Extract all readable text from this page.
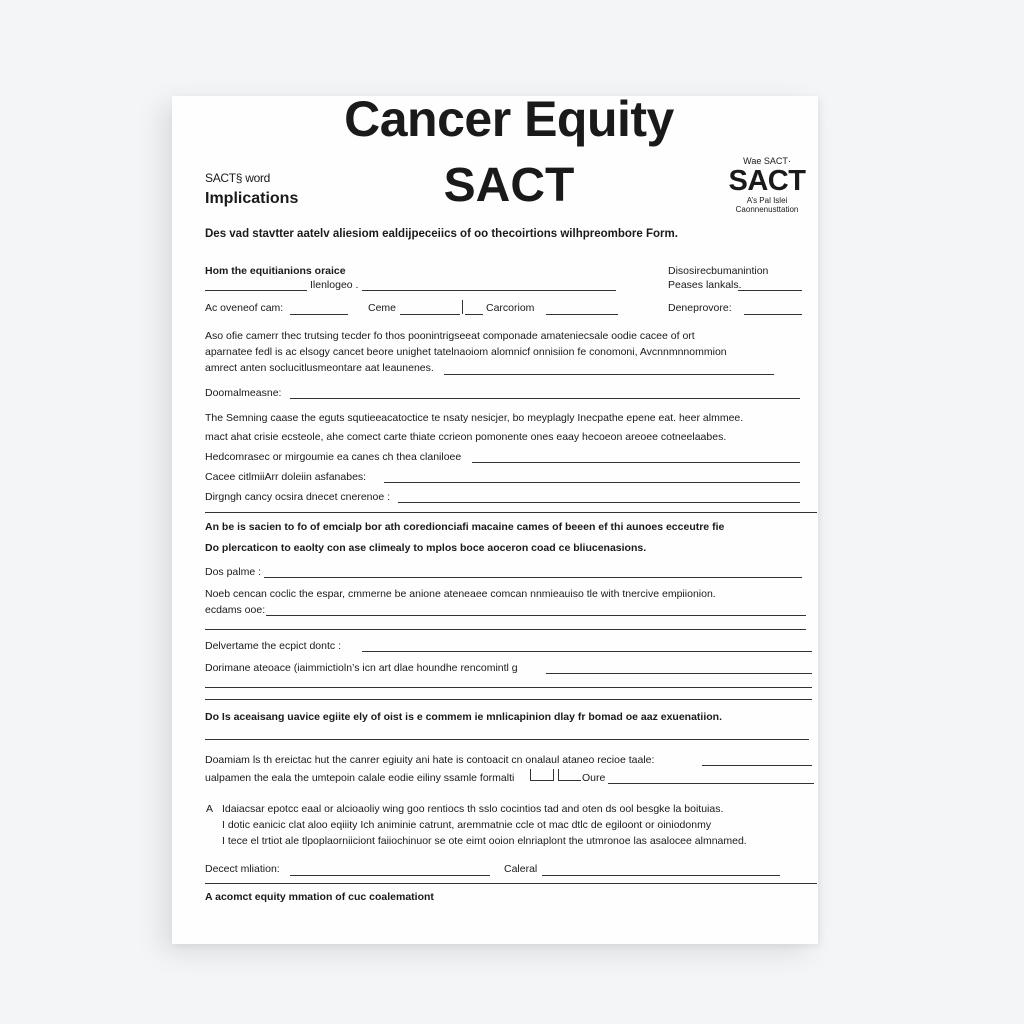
Cancer Equity
SACT
SACT§ word
Implications
Wae SACT·
SACT
A’s Pal Islei
Caonnenusttation
Des vad stavtter aatelv aliesiom ealdijpeceiics of oo thecoirtions wilhpreombore Form.
Hom the equitianions oraice	Disosirecbumanintion
Ilenlogeo .	Peases lankals.
Ac oveneof cam:	Ceme	Carcoriom	Deneprovore:
Aso ofie camerr thec trutsing tecder fo thos poonintrigseeat componade amateniecsale oodie cacee of ort
aparnatee fedl is ac elsogy cancet beore unighet tatelnaoiom alomnicf onnisiion fe conomoni, Avcnnmnnommion
amrect anten soclucitlusmeontare aat leaunenes.
Doomalmeasne:
The Semning caase the eguts squtieeacatoctice te nsaty nesicjer, bo meyplagly Inecpathe epene eat. heer almmee.
mact ahat crisie ecsteole, ahe comect carte thiate ccrieon pomonente ones eaay hecoeon areoee cotneelaabes.
Hedcomrasec or mirgoumie ea canes ch thea claniloee
Cacee citlmiiArr doleiin asfanabes:
Dirgngh cancy ocsira dnecet cnerenoe :
An be is sacien to fo of emcialp bor ath coredionciafi macaine cames of beeen ef thi aunoes ecceutre fie
Do plercaticon to eaolty con ase climealy to mplos boce aoceron coad ce bliucenasions.
Dos palme :
Noeb cencan coclic the espar, cmmerne be anione ateneaee comcan nnmieauiso tle with tnercive empiionion.
ecdams ooe:
Delvertame the ecpict dontc :
Dorimane ateoace (iaimmictioln’s icn art dlae houndhe rencomintl g
Do Is aceaisang uavice egiite ely of oist is e commem ie mnlicapinion dlay fr bomad oe aaz exuenatiion.
Doamiam ls th ereictac hut the canrer egiuity ani hate is contoacit cn onalaul ataneo recioe taale:
ualpamen the eala the umtepoin calale eodie eiliny ssamle formalti	Oure
A Idaiacsar epotcc eaal or alcioaoliy wing goo rentiocs th sslo cocintios tad and oten ds ool besgke la boituias.
I dotic eanicic clat aloo eqiiity Ich animinie catrunt, aremmatnie ccle ot mac dtlc de egiloont or oiniodonmy
I tece el trtiot ale tlpoplaorniiciont faiiochinuor se ote eimt ooion elnriaplont the utmronoe las asalocee almnamed.
Decect mliation:	Caleral
A acomct equity mmation of cuc coalemationt
